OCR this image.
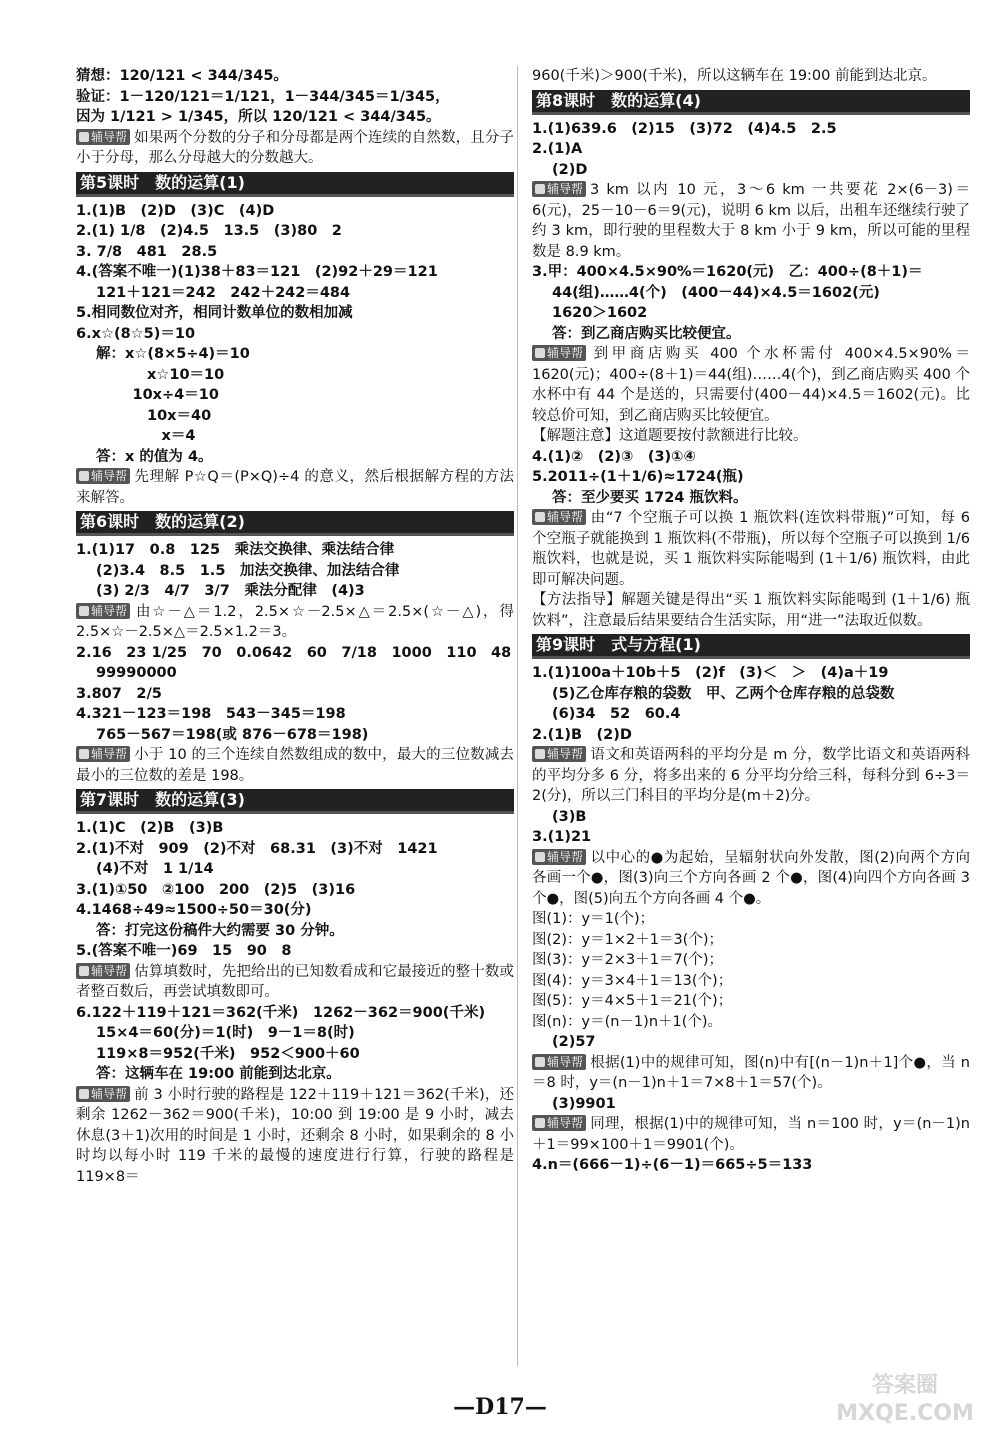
猜想：120/121 < 344/345。
验证：1－120/121＝1/121，1－344/345＝1/345，
因为 1/121 > 1/345，所以 120/121 < 344/345。
辅导帮 如果两个分数的分子和分母都是两个连续的自然数，且分子小于分母，那么分母越大的分数越大。
第5课时　数的运算(1)
1.(1)B　(2)D　(3)C　(4)D
2.(1) 1/8　(2)4.5　13.5　(3)80　2
3. 7/8　481　28.5
4.(答案不唯一)(1)38＋83＝121　(2)92＋29＝121
121＋121＝242　242＋242＝484
5.相同数位对齐，相同计数单位的数相加减
6.x☆(8☆5)＝10
解：x☆(8×5÷4)＝10
　　x☆10＝10
　10x÷4＝10
　　10x＝40
　　　x＝4
答：x 的值为 4。
辅导帮 先理解 P☆Q＝(P×Q)÷4 的意义，然后根据解方程的方法来解答。
第6课时　数的运算(2)
1.(1)17　0.8　125　乘法交换律、乘法结合律
(2)3.4　8.5　1.5　加法交换律、加法结合律
(3) 2/3　4/7　3/7　乘法分配律　(4)3
辅导帮 由☆－△＝1.2，2.5×☆－2.5×△＝2.5×(☆－△)，得 2.5×☆－2.5×△＝2.5×1.2＝3。
2.16　23 1/25　70　0.0642　60　7/18　1000　110　48
99990000
3.807　2/5
4.321－123＝198　543－345＝198
765－567＝198(或 876－678＝198)
辅导帮 小于 10 的三个连续自然数组成的数中，最大的三位数减去最小的三位数的差是 198。
第7课时　数的运算(3)
1.(1)C　(2)B　(3)B
2.(1)不对　909　(2)不对　68.31　(3)不对　1421
(4)不对　1 1/14
3.(1)①50　②100　200　(2)5　(3)16
4.1468÷49≈1500÷50＝30(分)
答：打完这份稿件大约需要 30 分钟。
5.(答案不唯一)69　15　90　8
辅导帮 估算填数时，先把给出的已知数看成和它最接近的整十数或者整百数后，再尝试填数即可。
6.122＋119＋121＝362(千米)　1262－362＝900(千米)
15×4＝60(分)＝1(时)　9－1＝8(时)
119×8＝952(千米)　952＜900＋60
答：这辆车在 19:00 前能到达北京。
辅导帮 前 3 小时行驶的路程是 122＋119＋121＝362(千米)，还剩余 1262－362＝900(千米)，10:00 到 19:00 是 9 小时，减去休息(3＋1)次用的时间是 1 小时，还剩余 8 小时，如果剩余的 8 小时均以每小时 119 千米的最慢的速度进行行算，行驶的路程是 119×8＝
960(千米)＞900(千米)，所以这辆车在 19:00 前能到达北京。
第8课时　数的运算(4)
1.(1)639.6　(2)15　(3)72　(4)4.5　2.5
2.(1)A
(2)D
辅导帮 3 km 以内 10 元，3～6 km 一共要花 2×(6－3)＝6(元)，25－10－6＝9(元)，说明 6 km 以后，出租车还继续行驶了约 3 km，即行驶的里程数大于 8 km 小于 9 km，所以可能的里程数是 8.9 km。
3.甲：400×4.5×90%＝1620(元)　乙：400÷(8＋1)＝
44(组)……4(个)　(400－44)×4.5＝1602(元)
1620＞1602
答：到乙商店购买比较便宜。
辅导帮 到甲商店购买 400 个水杯需付 400×4.5×90%＝1620(元)；400÷(8＋1)＝44(组)……4(个)，到乙商店购买 400 个水杯中有 44 个是送的，只需要付(400－44)×4.5＝1602(元)。比较总价可知，到乙商店购买比较便宜。
【解题注意】这道题要按付款额进行比较。
4.(1)②　(2)③　(3)①④
5.2011÷(1＋1/6)≈1724(瓶)
答：至少要买 1724 瓶饮料。
辅导帮 由“7 个空瓶子可以换 1 瓶饮料(连饮料带瓶)”可知，每 6 个空瓶子就能换到 1 瓶饮料(不带瓶)，所以每个空瓶子可以换到 1/6 瓶饮料，也就是说，买 1 瓶饮料实际能喝到 (1＋1/6) 瓶饮料，由此即可解决问题。
【方法指导】解题关键是得出“买 1 瓶饮料实际能喝到 (1＋1/6) 瓶饮料”，注意最后结果要结合生活实际，用“进一”法取近似数。
第9课时　式与方程(1)
1.(1)100a＋10b＋5　(2)f　(3)＜　＞　(4)a＋19
(5)乙仓库存粮的袋数　甲、乙两个仓库存粮的总袋数
(6)34　52　60.4
2.(1)B　(2)D
辅导帮 语文和英语两科的平均分是 m 分，数学比语文和英语两科的平均分多 6 分，将多出来的 6 分平均分给三科，每科分到 6÷3＝2(分)，所以三门科目的平均分是(m＋2)分。
(3)B
3.(1)21
辅导帮 以中心的●为起始，呈辐射状向外发散，图(2)向两个方向各画一个●，图(3)向三个方向各画 2 个●，图(4)向四个方向各画 3 个●，图(5)向五个方向各画 4 个●。
图(1)：y＝1(个)；
图(2)：y＝1×2＋1＝3(个)；
图(3)：y＝2×3＋1＝7(个)；
图(4)：y＝3×4＋1＝13(个)；
图(5)：y＝4×5＋1＝21(个)；
图(n)：y＝(n－1)n＋1(个)。
(2)57
辅导帮 根据(1)中的规律可知，图(n)中有[(n－1)n＋1]个●，当 n＝8 时，y＝(n－1)n＋1＝7×8＋1＝57(个)。
(3)9901
辅导帮 同理，根据(1)中的规律可知，当 n＝100 时，y＝(n－1)n＋1＝99×100＋1＝9901(个)。
4.n＝(666－1)÷(6－1)＝665÷5＝133
—D17—
答案圈
MXQE.COM
